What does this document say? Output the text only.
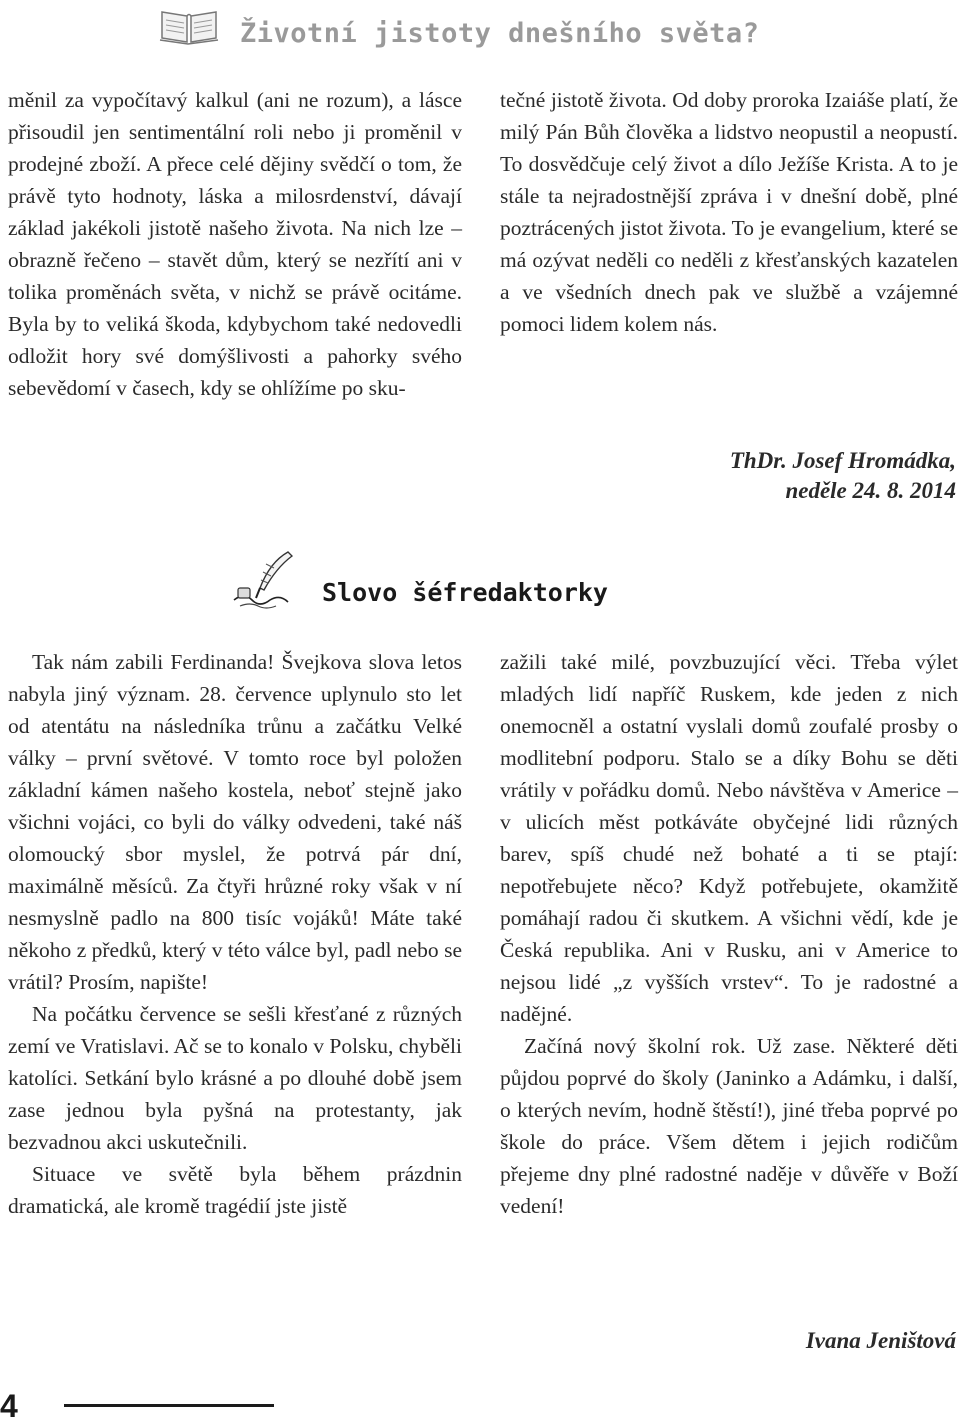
Životní jistoty dnešního světa?

měnil za vypočítavý kalkul (ani ne rozum), a lásce přisoudil jen sentimentální roli nebo ji proměnil v prodejné zboží. A přece celé dějiny svědčí o tom, že právě tyto hodnoty, láska a milosrdenství, dávají základ jakékoli jistotě našeho života. Na nich lze – obrazně řečeno – stavět dům, který se nezřítí ani v tolika proměnách světa, v nichž se právě ocitáme. Byla by to veliká škoda, kdybychom také nedovedli odložit hory své domýšlivosti a pahorky svého sebevědomí v časech, kdy se ohlížíme po sku-

tečné jistotě života. Od doby proroka Izaiáše platí, že milý Pán Bůh člověka a lidstvo neopustil a neopustí. To dosvědčuje celý život a dílo Ježíše Krista. A to je stále ta nejradostnější zpráva i v dnešní době, plné poztrácených jistot života. To je evangelium, které se má ozývat neděli co neděli z křesťanských kazatelen a ve všedních dnech pak ve službě a vzájemné pomoci lidem kolem nás.

ThDr. Josef Hromádka,
neděle 24. 8. 2014
Slovo šéfredaktorky

Tak nám zabili Ferdinanda! Švejkova slova letos nabyla jiný význam. 28. července uplynulo sto let od atentátu na následníka trůnu a začátku Velké války – první světové. V tomto roce byl položen základní kámen našeho kostela, neboť stejně jako všichni vojáci, co byli do války odvedeni, také náš olomoucký sbor myslel, že potrvá pár dní, maximálně měsíců. Za čtyři hrůzné roky však v ní nesmyslně padlo na 800 tisíc vojáků! Máte také někoho z předků, který v této válce byl, padl nebo se vrátil? Prosím, napište!

Na počátku července se sešli křesťané z různých zemí ve Vratislavi. Ač se to konalo v Polsku, chyběli katolíci. Setkání bylo krásné a po dlouhé době jsem zase jednou byla pyšná na protestanty, jak bezvadnou akci uskutečnili.

Situace ve světě byla během prázdnin dramatická, ale kromě tragédií jste jistě

zažili také milé, povzbuzující věci. Třeba výlet mladých lidí napříč Ruskem, kde jeden z nich onemocněl a ostatní vyslali domů zoufalé prosby o modlitební podporu. Stalo se a díky Bohu se děti vrátily v pořádku domů. Nebo návštěva v Americe – v ulicích měst potkáváte obyčejné lidi různých barev, spíš chudé než bohaté a ti se ptají: nepotřebujete něco? Když potřebujete, okamžitě pomáhají radou či skutkem. A všichni vědí, kde je Česká republika. Ani v Rusku, ani v Americe to nejsou lidé „z vyšších vrstev“. To je radostné a nadějné.

Začíná nový školní rok. Už zase. Některé děti půjdou poprvé do školy (Janinko a Adámku, i další, o kterých nevím, hodně štěstí!), jiné třeba poprvé po škole do práce. Všem dětem i jejich rodičům přejeme dny plné radostné naděje v důvěře v Boží vedení!

Ivana Jeništová
4
